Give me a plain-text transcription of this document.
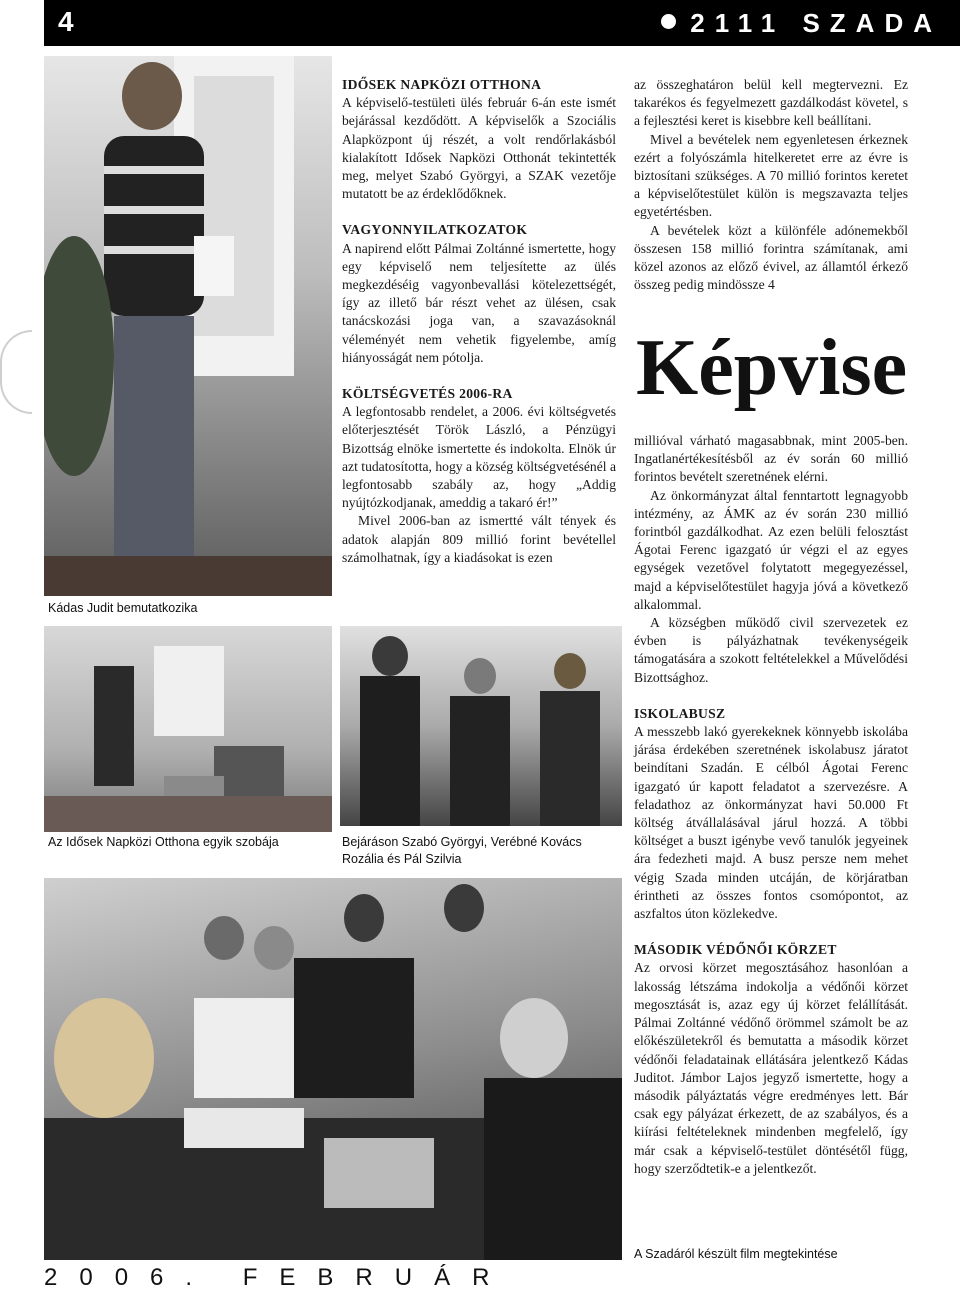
4	2111 SZADA
Kádas Judit bemutatkozika
Az Idősek Napközi Otthona egyik szobája	Bejáráson Szabó Györgyi, Verébné Kovács Rozália és Pál Szilvia
A Szadáról készült film megtekintése

IDŐSEK NAPKÖZI OTTHONA

A képviselő-testületi ülés február 6-án este ismét bejárással kezdődött. A képviselők a Szociális Alapközpont új részét, a volt rendőrlakásból kialakított Idősek Napközi Otthonát tekintették meg, melyet Szabó Györgyi, a SZAK vezetője mutatott be az érdeklődőknek.

VAGYONNYILATKOZATOK

A napirend előtt Pálmai Zoltánné ismertette, hogy egy képviselő nem teljesítette az ülés megkezdéséig vagyonbevallási kötelezettségét, így az illető bár részt vehet az ülésen, csak tanácskozási joga van, a szavazásoknál véleményét nem vehetik figyelembe, amíg hiányosságát nem pótolja.

KÖLTSÉGVETÉS 2006-RA

A legfontosabb rendelet, a 2006. évi költségvetés előterjesztését Török László, a Pénzügyi Bizottság elnöke ismertette és indokolta. Elnök úr azt tudatosította, hogy a község költségvetésénél a legfontosabb szabály az, hogy „Addig nyújtózkodjanak, ameddig a takaró ér!”

Mivel 2006-ban az ismertté vált tények és adatok alapján 809 millió forint bevétellel számolhatnak, így a kiadásokat is ezen

az összeghatáron belül kell megtervezni. Ez takarékos és fegyelmezett gazdálkodást követel, s a fejlesztési keret is kisebbre kell beállítani.

Mivel a bevételek nem egyenletesen érkeznek ezért a folyószámla hitelkeretet erre az évre is biztosítani szükséges. A 70 millió forintos keretet a képviselőtestület külön is megszavazta teljes egyetértésben.

A bevételek közt a különféle adónemekből összesen 158 millió forintra számítanak, ami közel azonos az előző évivel, az államtól érkező összeg pedig mindössze 4

Képvise

millióval várható magasabbnak, mint 2005-ben. Ingatlanértékesítésből az év során 60 millió forintos bevételt szeretnének elérni.

Az önkormányzat által fenntartott legnagyobb intézmény, az ÁMK az év során 230 millió forintból gazdálkodhat. Az ezen belüli felosztást Ágotai Ferenc igazgató úr végzi el az egyes egységek vezetővel folytatott megegyezéssel, majd a képviselőtestület hagyja jóvá a következő alkalommal.

A községben működő civil szervezetek ez évben is pályázhatnak tevékenységeik támogatására a szokott feltételekkel a Művelődési Bizottsághoz.

ISKOLABUSZ

A messzebb lakó gyerekeknek könnyebb iskolába járása érdekében szeretnének iskolabusz járatot beindítani Szadán. E célból Ágotai Ferenc igazgató úr kapott feladatot a szervezésre. A feladathoz az önkormányzat havi 50.000 Ft költség átvállalásával járul hozzá. A többi költséget a buszt igénybe vevő tanulók jegyeinek ára fedezheti majd. A busz persze nem mehet végig Szada minden utcáján, de körjáratban érintheti az összes fontos csomópontot, az aszfaltos úton közlekedve.

MÁSODIK VÉDŐNŐI KÖRZET

Az orvosi körzet megosztásához hasonlóan a lakosság létszáma indokolja a védőnői körzet megosztását is, azaz egy új körzet felállítását. Pálmai Zoltánné védőnő örömmel számolt be az előkészületekről és bemutatta a második körzet védőnői feladatainak ellátására jelentkező Kádas Juditot. Jámbor Lajos jegyző ismertette, hogy a második pályáztatás végre eredményes lett. Bár csak egy pályázat érkezett, de az szabályos, és a kiírási feltételeknek mindenben megfelelő, így már csak a képviselő-testület döntésétől függ, hogy szerződtetik-e a jelentkezőt.

2006. FEBRUÁR
